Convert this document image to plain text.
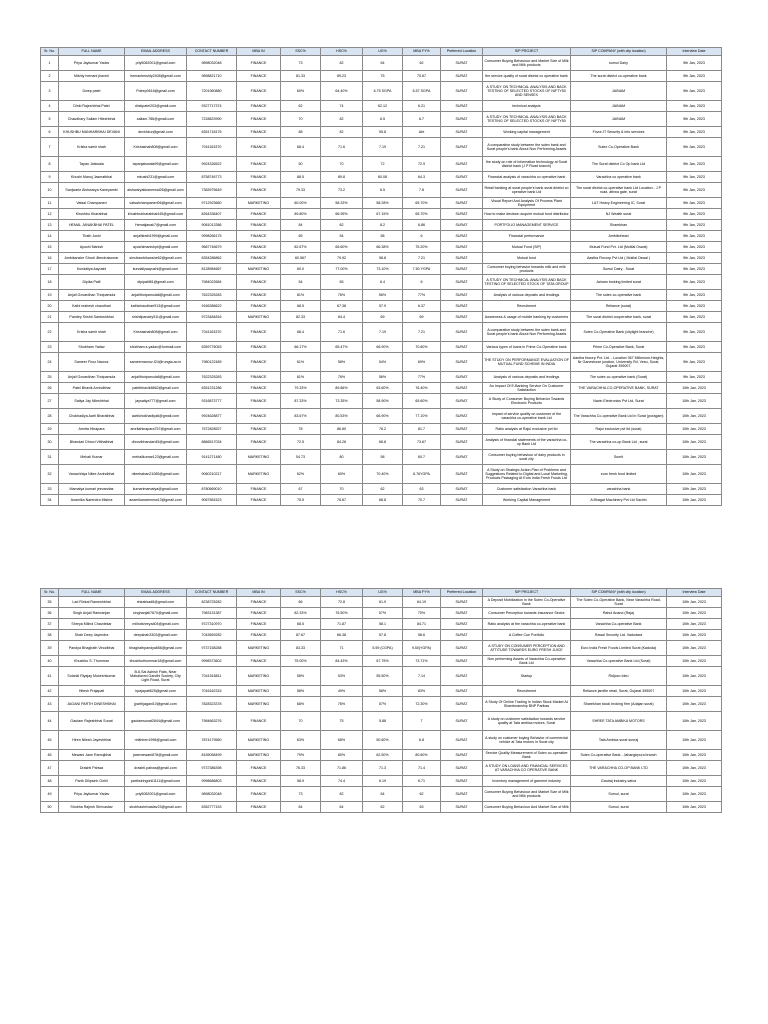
Sr. No.	FULL NAME	EMAIL ADDRESS	CONTACT NUMBER	MBA IN	SSC%	HSC%	UG%	MBA FY%	Preferred Location	SIP PROJECT	SIP COMPANY (with city location)	Interview Date
1	Priya Jaykumar Yadav	priy5082001@gmail.com	9898032048	FINANCE	73	82	64	62	SURAT	Consumer Buying Behaviour and Market Size of Milk and Milk products	sumul Dairy	9th Jan, 2023
2	Mishty hemant jhaveri	hemantmishty2408@gmail.com	9898821710	FINANCE	81.33	89.23	75	70.67	SURAT	the service quality of surat district co operative bank	The surat district co-operative bank	9th Jan, 2023
3	Dwep patel	Pdeep0618@gmail.com	7201960880	FINANCE	60%	64.40%	6.75 SGPA	6.57 SGPA	SURAT	A STUDY ON TECHNICAL ANALYSIS AND BACK TESTING OF SELECTED STOCKS OF NIFTY50 AND SENSEX	JAINAM	9th Jan, 2023
4	Dinki Rajeshbhai Patel	dinkipatel203@gmail.com	9327717374	FINANCE	62	74	62.12	6.21	SURAT	technical analysis	JAINAM	9th Jan, 2023
5	Chaudhary Sailam Hiteshbhai	sailam.786@gmail.com	7228823990	FINANCE	70	82	6.5	6.7	SURAT	A STUDY ON TECHNICAL ANALYSIS AND BACK TESTING OF SELECTED STOCKS OF NIFTY50	JAINAM	9th Jan, 2023
6	KHUSHBU MANHARBHAI DEVANI	devkhkur@gmail.com	6351718176	FINANCE	68	82	55.8	Abt	SURAT	Working capital management	Fovor-IT Security & info services	9th Jan, 2023
7	Krisha samir shah	Krishashah808@gmail.com	7041163370	FINANCE	68.4	71.6	7.19	7.21	SURAT	A comparative study between the sutex bank and Surat people's bank About Non Performing Assets	Sutex Co-Operative Bank	9th Jan, 2023
8	Tapan Jaiswala	tapanjaiswala99@gmail.com	9924326522	FINANCE	50	70	72	72.9	SURAT	the study on role of information technology at Surat district bank (J P Road branch)	The Surat district Co Op bank Ltd	9th Jan, 2023
9	Khushi Manoj Jasmatbhai	mkushi231@gmail.com	8758746773	FINANCE	88.5	89.8	60.08	64.3	SURAT	Financial analysis of varachha co operative bank	Varachha co operative bank	9th Jan, 2023
10	Sanjwarie Aishwarya Kaneyambi	aishwaryakkanerwal26@gmail.com	7383975649	FINANCE	79.33	73.2	6.5	7.8	SURAT	Retail banking at surat people's bank surat district co operative bank Ltd	The surat district co-operative bank Ltd Location - J P road, athwa gate, surat	9th Jan, 2023
11	Vatsal Champaneri	vatsalchampaneri06@gmail.com	9712923660	MARKETING	60.00%	58.33%	58.28%	65.70%	SURAT	Visual Report And Analysis Of Process Plant Equipment	L&T Heavy Engineering IC, Surat	9th Jan, 2023
12	Khushbu Kharabhai	khushbukharabhai445@gmail.com	8264336407	FINANCE	89.80%	66.95%	67.15%	65.70%	SURAT	How to make decision acquire mutual fund distributor	NJ Wealth surat	9th Jan, 2023
13	HEMAL JANAKBHAI PATEL	Hemaljanak7@gmail.com	9081013386	FINANCE	84	82	8.2	6.86	SURAT	PORTFOLIO MANAGEMENT SERVICE	Sharekhan	9th Jan, 2023
14	Tirath Joshi	anjalitirath1999@gmail.com	9998266175	FINANCE	65	54	58	6	SURAT	Financial performance	Ambitiohead	9th Jan, 2023
15	Ayushi Manish	ayushimanishpt@gmail.com	9687746679	FINANCE	82.67%	65.60%	66.38%	75.20%	SURAT	Mutual Fund (SIP)	Mutual Fund Pvt. Ltd (Motilal Oswal)	9th Jan, 2023
16	Ambikanshe Shruti Jitendrakumar	shrutiambikanshe62@gmail.com	6354286862	FINANCE	60.567	79.92	58.8	7.21	SURAT	Mutual fund	Aastha Fincorp Pvt Ltd ( Motilal Oswal )	9th Jan, 2023
17	Kundaliya Aayushi	kundaliyaayushi@gmail.com	8128984667	MARKETING	60.0	77.00%	73.10%	7.50 YGPA	SURAT	Consumer buying behavior towards milk and milk products	Sumul Dairy - Surat	9th Jan, 2023
18	Dipika Patil	dipipatil81@gmail.com	7984022684	FINANCE	54	65	6.4	6	SURAT	A STUDY ON TECHNICAL ANALYSIS AND BACK TESTING OF SELECTED STOCK OF TATA GROUP	Jainam broking limited surat	9th Jan, 2023
19	Anjali Govardhan Thotpamula	anjalithotpamula6@gmail.com	7622325283	FINANCE	81%	76%	56%	77%	SURAT	Analysis of various deposits and lendings	The sutex co-operative bank	9th Jan, 2023
20	Kathi mahesh chaudhari	kathichaudhari913@gmail.com	9166386622	FINANCE	68.5	67.38	57.9	6.37	SURAT	Recruitment	Reliance (surat)	9th Jan, 2023
21	Pandey Srishti Santoshbhai	srishtipandey911@gmail.com	9723484816	MARKETING	82.33	84.4	69	69	SURAT	Awareness & usage of mobile banking by customers	The surat district cooperative bank, surat	9th Jan, 2023
22	Krisha samir shah	Krishashah808@gmail.com	7041163370	FINANCE	68.4	71.6	7.19	7.21	SURAT	A comparative study between the sutex bank and Surat people's bank About Non Performing Assets	Sutex Co-Operative Bank (citylight branche)	9th Jan, 2023
23	Shubham Yadav	shubham.s.yadav@hotmail.com	6359776053	FINANCE	66.17%	65.47%	66.90%	70.80%	SURAT	Various types of loans in Prime Co-Operative bank	Prime Co-Operative Bank, Surat	9th Jan, 2023
24	Sameer Firoz Naoroz	sameernaoroz.f24@rungta.ac.in	7980122489	FINANCE	61%	58%	54%	69%	SURAT	THE STUDY ON PERFORMANCE EVALUATION OF MUTUAL FUND SCHEME IN INDIA	Aastha fincorp Pvt. Ltd. - Location 367 Millenium-Heights, Nr Ganeshwar junction, University Rd, Vesu, Surat, Gujarat 395007.	9th Jan, 2023
25	Anjali Govardhan Thotpamula	anjalithotpamula6@gmail.com	7622325283	FINANCE	81%	76%	56%	77%	SURAT	Analysis of various deposits and lendings	The sutex co-operative bank (Surat)	9th Jan, 2023
26	Patel Bhavik Arvindbhai	patelbhavik8662@gmail.com	6351231286	FINANCE	79.33%	89.86%	63.60%	76.40%	SURAT	An Impact Of E-Banking Service On Customer Satisfaction	THE VARACHHA CO-OPERATIVE BANK, SURAT	10th Jan, 2023
27	Satiya Jay Nileshbhai	jaysatiya777@gmail.com	9316873777	FINANCE	87.33%	73.35%	58.90%	65.60%	SURAT	A Study of Consumer Buying Behavior Towards Electronic Products	Navin Electronics Pvt Ltd, Surat	10th Jan, 2023
28	Chokhadiya Aarti Bharatbhai	aartichokhadiya6@gmail.com	9924628877	FINANCE	83.67%	80.53%	66.90%	77.10%	SURAT	Impact of service quality on customer of the varachha co-operative bank Ltd	The Varachha Co-operative Bank Ltd in Surat (puragam)	10th Jan, 2023
29	Amrita Hinapara	amritahinapara757@gmail.com	7572828527	FINANCE	78	86.80	76.2	81.7	SURAT	Ratio analysis at Rajul exclusive pvt ltd	Rajul exclusive pvt ltd (surat)	10th Jan, 2023
30	Bhandari Dhruvi Vitthalbhai	dhruvibhandari45@gmail.com	8866517034	FINANCE	72.5	84.26	68.8	73.67	SURAT	Analysis of financial statements of the varachha co-op Bank Ltd	The varachha co-op Bank Ltd , surat	10th Jan, 2023
31	Mehali Kumar	mehalikumar123@gmail.com	9141271480	MARKETING	54.73	80	58	60.7	SURAT	Consumer buying behaviour of dairy products in surat city	Sumit	10th Jan, 2023
32	Vanachhiya Nitee Arvindbhai	niteebaban21085@gmail.com	9060210217	MARKETING	62%	60%	70.40%	6.76YGPA	SURAT	A Study on Strategic Action Plan of Problems and Suggestions Related to Digital and Local Marketing, Products Packaging At Euro India Fresh Foods Ltd	euro fresh food limited	10th Jan, 2023
33	Mamatya kumari jeevandas	kumarimamatya@gmail.com	8780669010	FINANCE	67	70	62	63	SURAT	Customer satisfaction Varachha bank	varachha bank	10th Jan, 2023
34	Anamika Narendra Mishra	anamikanarenmw13@gmail.com	9067581523	FINANCE	75.5	76.67	68.8	70.7	SURAT	Working Capital Management	A Bhagat Machinery Pvt Ltd Sachin	10th Jan, 2023
Sr. No.	FULL NAME	EMAIL ADDRESS	CONTACT NUMBER	MBA IN	SSC%	HSC%	UG%	MBA FY%	Preferred Location	SIP PROJECT	SIP COMPANY (with city location)	Interview Date
35	Lad Rinkal Rameshbhai	rinkalrkad8@gmail.com	8238725282	FINANCE	66	72.8	61.9	64.19	SURAT	A Deposit Mobilization in the Sutex Co-Operative Bank	The Sutex Co-Operative Bank, Near Varachha Road, Surat	10th Jan, 2023
36	Singh Anjali Ramranjan	singhanjali7670@gmail.com	7983131387	FINANCE	82.33%	75.50%	57%	70%	SURAT	Consumer Perception towards Insurance Sector	Rahul Anand (Raja)	10th Jan, 2023
37	Shreya Milind Chavdekar	milindshreya404@gmail.com	9727310970	FINANCE	68.5	71.87	58.1	84.71	SURAT	Ratio analysis at the varachha co-operative bank	Varachha Co-operative Bank	10th Jan, 2023
38	Shah Deep Jayendra	deepshah3303@gmail.com	7043659282	FINANCE	87.67	66.38	57.8	58.6	SURAT	A Coffee Cue Portfolio	Rawal Security Ltd. Vadodara	10th Jan, 2023
39	Pandya Bhagirath Vinodbhai	bhagirathpandya666@gmail.com	9737158288	MARKETING	83.33	71	5.59 (CGPA)	9.50(YGPA)	SURAT	A STUDY ON CONSUMER PERCEPTION AND ATTITUDE TOWARDS EURO FRESH JUICE	Euro India Fresh Foods Limited Surat (Kadoda)	10th Jan, 2023
40	Khushbu S. Thummar	khushbuthummar18@gmail.com	9998373602	FINANCE	75.00%	84.43%	67.75%	73.71%	SURAT	Non performing Assets of Varachha Co-operative Bank Ltd	Varachha Co-operative Bank Ltd (Surat)	10th Jan, 2023
41	Solanki Riyajay Mukeshkumar	B-6,Sai Ashish Flats, Near Mahalaxmi Gandhi Society, City Light Road, Surat	7041518811	MARKETING	58%	53%	55.50%	7.14	SURAT	Startup	Ridjoco Ideu	10th Jan, 2023
42	Hitesh Prajapati	hpajapati625@gmail.com	7016162315	MARKETING	58%	49%	58%	83%	SURAT	Recruitment	Reliance jamilte retail, Surat, Gujarat 395007	10th Jan, 2023
43	JAGANI PARTH DINESHBHAI	jparthjagani10@gmail.com	7828323378	MARKETING	68%	76%	57%	72.30%	SURAT	A Study Of Online Trading In Indian Stock Market At Shareknanship BNP Paribas	Sharekhan stock broking firm (Adajan surat)	10th Jan, 2023
44	Gautam Rajeshbhai Sunat	gautamsunat2844@gmail.com	7984663276	FINANCE	70	75	5.88	7	SURAT	A study on customer satisfaction towards service quality at Tata ambica motors, Surat	SHREE TATA AMBIKA MOTORS	10th Jan, 2023
45	Hiren Nilesh Jayeshbhai	nhithiren1998@gmail.com	7874179560	MARKETING	63%	68%	50.60%	6.8	SURAT	A study on customer buying Behavior of commercial vehicle at Tata motors in Surat city	Tata Ambica surat sunraj	10th Jan, 2023
46	Mewani Jane Ramujbhai	janemewani878@gmail.com	8155058499	MARKETING	79%	80%	62.50%	80.60%	SURAT	Service Quality Measurement of Sutex co-operative Bank	Sutex Co-operative Bank - Jahangirpura branch	10th Jan, 2023
47	Drashti Pahwa	drashti.pahwa@gmail.com	9737386398	FINANCE	76.33	71.86	71.3	71.4	SURAT	A STUDY ON LOANS AND FINANCIAL SERVICES AT VARACHHA CO OPERATIVE BANK	THE VARACHHA CO-OP BANK LTD	10th Jan, 2023
48	Parth Dilipsinh Gohil	parthsinhgohil1111@gmail.com	9998686803	FINANCE	58.9	74.4	6.19	6.71	SURAT	Inventory management of garment industry	Gautraj industry-vatva	10th Jan, 2023
49	Priya Jaykumar Yadav	priy5082001@gmail.com	9898032048	FINANCE	73	82	64	62	SURAT	Consumer Buying Behaviour and Market Size of Milk and Milk products	Sumul, surat	10th Jan, 2023
50	Shobha Rajesh Shrivastav	shobhashrivastav23@gmail.com	6352777153	FINANCE	64	64	62	63	SURAT	Consumer Buying Behaviour And Market Size of Milk	Sumul, surat	10th Jan, 2023
